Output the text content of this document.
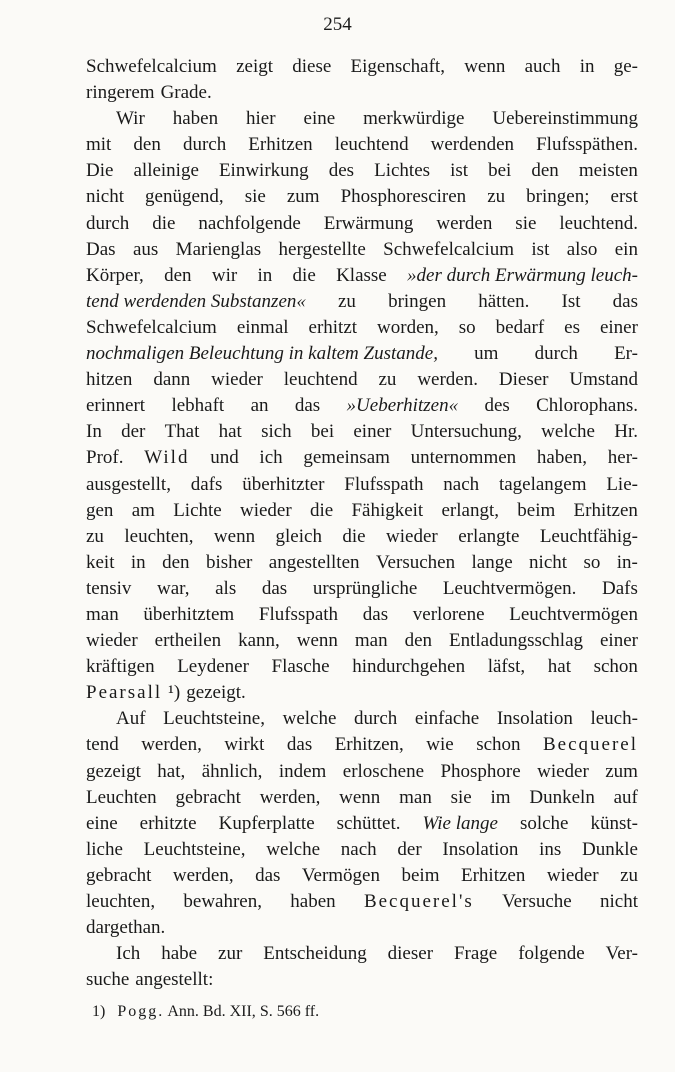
254
Schwefelcalcium zeigt diese Eigenschaft, wenn auch in ge-
ringerem Grade.
Wir haben hier eine merkwürdige Uebereinstimmung
mit den durch Erhitzen leuchtend werdenden Flufsspäthen.
Die alleinige Einwirkung des Lichtes ist bei den meisten
nicht genügend, sie zum Phosphoresciren zu bringen; erst
durch die nachfolgende Erwärmung werden sie leuchtend.
Das aus Marienglas hergestellte Schwefelcalcium ist also ein
Körper, den wir in die Klasse »der durch Erwärmung leuch-
tend werdenden Substanzen« zu bringen hätten. Ist das
Schwefelcalcium einmal erhitzt worden, so bedarf es einer
nochmaligen Beleuchtung in kaltem Zustande, um durch Er-
hitzen dann wieder leuchtend zu werden. Dieser Umstand
erinnert lebhaft an das »Ueberhitzen« des Chlorophans.
In der That hat sich bei einer Untersuchung, welche Hr.
Prof. Wild und ich gemeinsam unternommen haben, her-
ausgestellt, dafs überhitzter Flufsspath nach tagelangem Lie-
gen am Lichte wieder die Fähigkeit erlangt, beim Erhitzen
zu leuchten, wenn gleich die wieder erlangte Leuchtfähig-
keit in den bisher angestellten Versuchen lange nicht so in-
tensiv war, als das ursprüngliche Leuchtvermögen. Dafs
man überhitztem Flufsspath das verlorene Leuchtvermögen
wieder ertheilen kann, wenn man den Entladungsschlag einer
kräftigen Leydener Flasche hindurchgehen läfst, hat schon
Pearsall ¹) gezeigt.
Auf Leuchtsteine, welche durch einfache Insolation leuch-
tend werden, wirkt das Erhitzen, wie schon Becquerel
gezeigt hat, ähnlich, indem erloschene Phosphore wieder zum
Leuchten gebracht werden, wenn man sie im Dunkeln auf
eine erhitzte Kupferplatte schüttet. Wie lange solche künst-
liche Leuchtsteine, welche nach der Insolation ins Dunkle
gebracht werden, das Vermögen beim Erhitzen wieder zu
leuchten, bewahren, haben Becquerel's Versuche nicht
dargethan.
Ich habe zur Entscheidung dieser Frage folgende Ver-
suche angestellt:
1) Pogg. Ann. Bd. XII, S. 566 ff.
